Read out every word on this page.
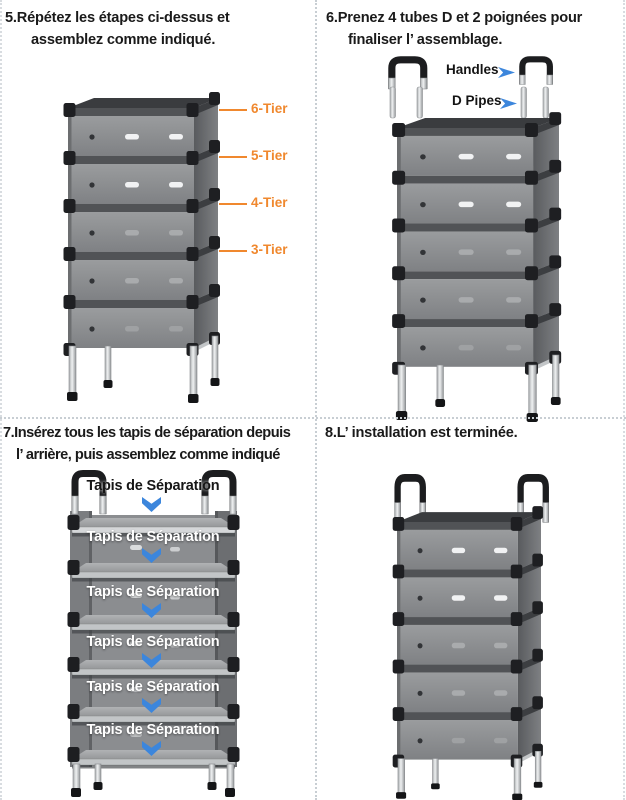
5.Répétez les étapes ci-dessus et
assemblez comme indiqué.
6-Tier
5-Tier
4-Tier
3-Tier
6.Prenez 4 tubes D et 2 poignées pour
finaliser l’ assemblage.
Handles
D Pipes
7.Insérez tous les tapis de séparation depuis
l’ arrière, puis assemblez comme indiqué
Tapis de Séparation
Tapis de Séparation
Tapis de Séparation
Tapis de Séparation
Tapis de Séparation
Tapis de Séparation
8.L’ installation est terminée.
